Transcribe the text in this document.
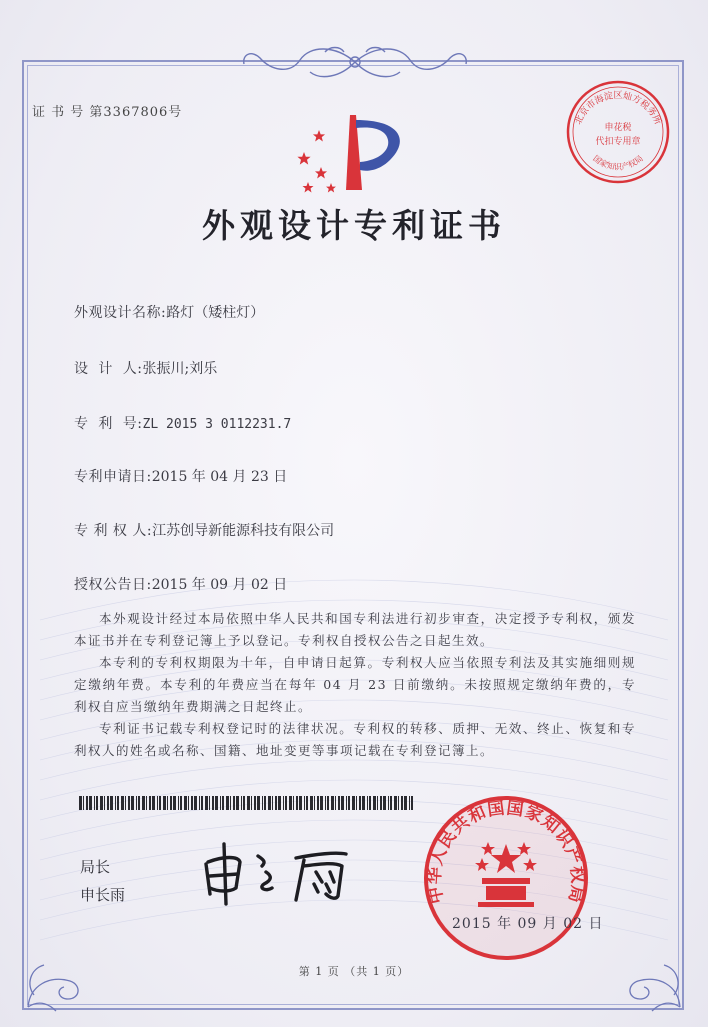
北京市海淀区灿方税务所
国家知识产权局
申花税
代扣专用章
证 书 号 第3367806号
外观设计专利证书
外观设计名称:路灯（矮柱灯）
设  计  人:张振川;刘乐
专  利  号:ZL 2015 3 0112231.7
专利申请日:2015 年 04 月 23 日
专 利 权 人:江苏创导新能源科技有限公司
授权公告日:2015 年 09 月 02 日

本外观设计经过本局依照中华人民共和国专利法进行初步审查，决定授予专利权，颁发本证书并在专利登记簿上予以登记。专利权自授权公告之日起生效。

本专利的专利权期限为十年，自申请日起算。专利权人应当依照专利法及其实施细则规定缴纳年费。本专利的年费应当在每年 04 月 23 日前缴纳。未按照规定缴纳年费的，专利权自应当缴纳年费期满之日起终止。

专利证书记载专利权登记时的法律状况。专利权的转移、质押、无效、终止、恢复和专利权人的姓名或名称、国籍、地址变更等事项记载在专利登记簿上。

局长
申长雨	中华人民共和国国家知识产权局
2015 年 09 月 02 日
第 1 页 （共 1 页）
